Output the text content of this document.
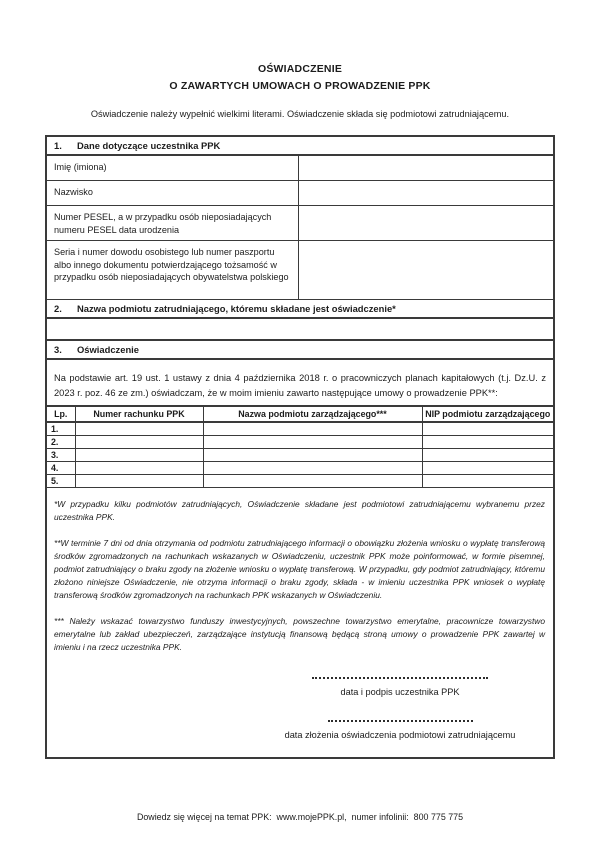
OŚWIADCZENIE
O ZAWARTYCH UMOWACH O PROWADZENIE PPK
Oświadczenie należy wypełnić wielkimi literami. Oświadczenie składa się podmiotowi zatrudniającemu.
1.	Dane dotyczące uczestnika PPK
Imię (imiona)
Nazwisko
Numer PESEL, a w przypadku osób nieposiadających numeru PESEL data urodzenia
Seria i numer dowodu osobistego lub numer paszportu albo innego dokumentu potwierdzającego tożsamość w przypadku osób nieposiadających obywatelstwa polskiego
2.	Nazwa podmiotu zatrudniającego, któremu składane jest oświadczenie*
3.	Oświadczenie
Na podstawie art. 19 ust. 1 ustawy z dnia 4 października 2018 r. o pracowniczych planach kapitałowych (t.j. Dz.U. z 2023 r. poz. 46 ze zm.) oświadczam, że w moim imieniu zawarto następujące umowy o prowadzenie PPK**:
Lp.	Numer rachunku PPK	Nazwa podmiotu zarządzającego***	NIP podmiotu zarządzającego
1.			
2.			
3.			
4.			
5.			
*W przypadku kilku podmiotów zatrudniających, Oświadczenie składane jest podmiotowi zatrudniającemu wybranemu przez uczestnika PPK.
**W terminie 7 dni od dnia otrzymania od podmiotu zatrudniającego informacji o obowiązku złożenia wniosku o wypłatę transferową środków zgromadzonych na rachunkach wskazanych w Oświadczeniu, uczestnik PPK może poinformować, w formie pisemnej, podmiot zatrudniający o braku zgody na złożenie wniosku o wypłatę transferową. W przypadku, gdy podmiot zatrudniający, któremu złożono niniejsze Oświadczenie, nie otrzyma informacji o braku zgody, składa - w imieniu uczestnika PPK wniosek o wypłatę transferową środków zgromadzonych na rachunkach PPK wskazanych w Oświadczeniu.
*** Należy wskazać towarzystwo funduszy inwestycyjnych, powszechne towarzystwo emerytalne, pracownicze towarzystwo emerytalne lub zakład ubezpieczeń, zarządzające instytucją finansową będącą stroną umowy o prowadzenie PPK zawartej w imieniu i na rzecz uczestnika PPK.
data i podpis uczestnika PPK
data złożenia oświadczenia podmiotowi zatrudniającemu
Dowiedz się więcej na temat PPK:  www.mojePPK.pl,  numer infolinii:  800 775 775
